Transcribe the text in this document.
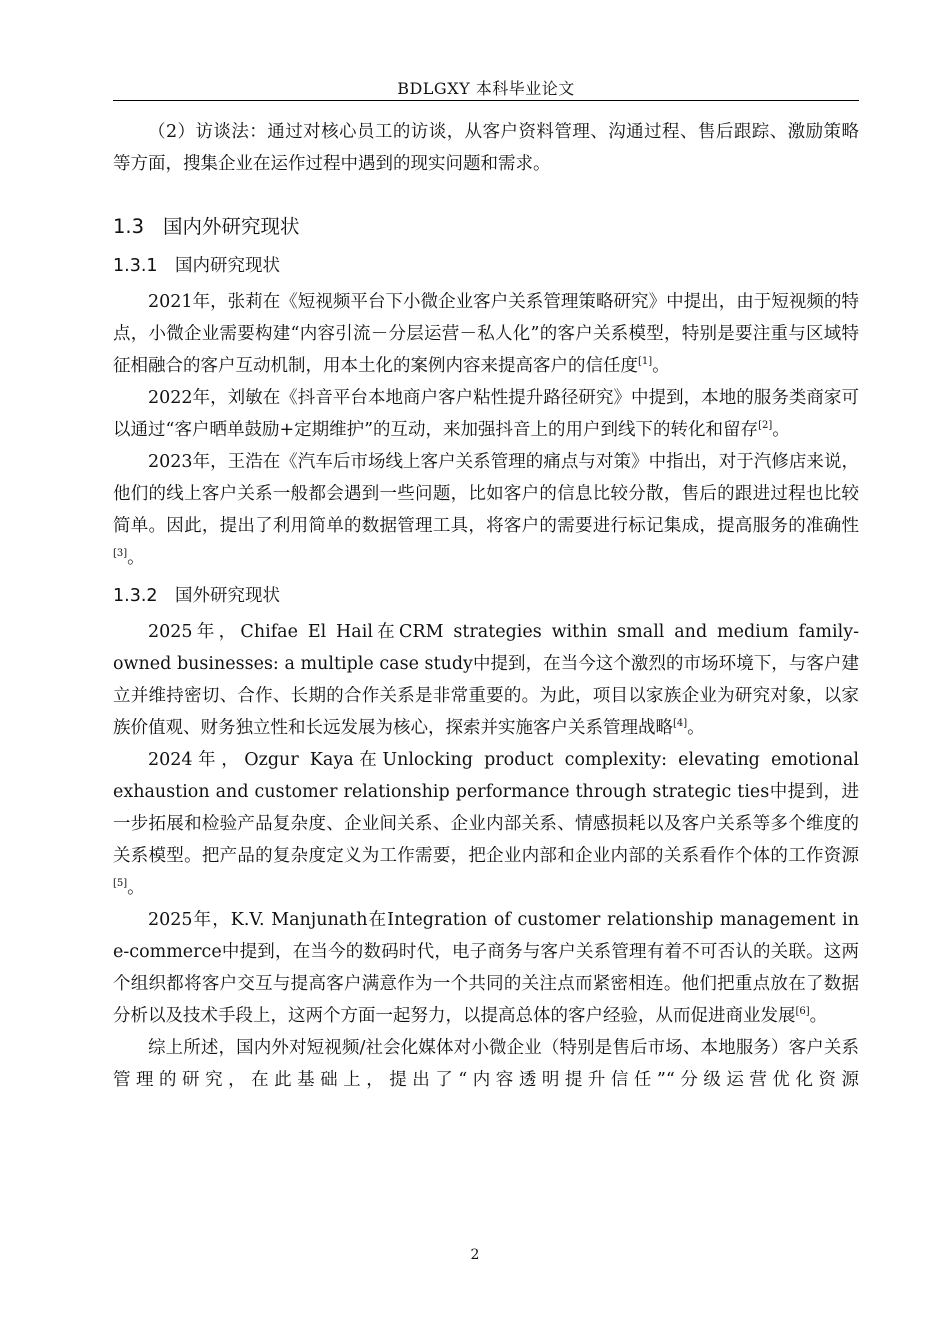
BDLGXY 本科毕业论文

（2）访谈法：通过对核心员工的访谈，从客户资料管理、沟通过程、售后跟踪、激励策略等方面，搜集企业在运作过程中遇到的现实问题和需求。

1.3 国内外研究现状
1.3.1 国内研究现状

2021年，张莉在《短视频平台下小微企业客户关系管理策略研究》中提出，由于短视频的特点，小微企业需要构建“内容引流－分层运营－私人化”的客户关系模型，特别是要注重与区域特征相融合的客户互动机制，用本土化的案例内容来提高客户的信任度[1]。

2022年，刘敏在《抖音平台本地商户客户粘性提升路径研究》中提到，本地的服务类商家可以通过“客户晒单鼓励+定期维护”的互动，来加强抖音上的用户到线下的转化和留存[2]。

2023年，王浩在《汽车后市场线上客户关系管理的痛点与对策》中指出，对于汽修店来说，他们的线上客户关系一般都会遇到一些问题，比如客户的信息比较分散，售后的跟进过程也比较简单。因此，提出了利用简单的数据管理工具，将客户的需要进行标记集成，提高服务的准确性[3]。

1.3.2 国外研究现状

2025年，Chifae El Hail在CRM strategies within small and medium family-owned businesses: a multiple case study中提到，在当今这个激烈的市场环境下，与客户建立并维持密切、合作、长期的合作关系是非常重要的。为此，项目以家族企业为研究对象，以家族价值观、财务独立性和长远发展为核心，探索并实施客户关系管理战略[4]。

2024年，Ozgur Kaya在Unlocking product complexity: elevating emotional exhaustion and customer relationship performance through strategic ties中提到，进一步拓展和检验产品复杂度、企业间关系、企业内部关系、情感损耗以及客户关系等多个维度的关系模型。把产品的复杂度定义为工作需要，把企业内部和企业内部的关系看作个体的工作资源[5]。

2025年，K.V. Manjunath在Integration of customer relationship management in e-commerce中提到，在当今的数码时代，电子商务与客户关系管理有着不可否认的关联。这两个组织都将客户交互与提高客户满意作为一个共同的关注点而紧密相连。他们把重点放在了数据分析以及技术手段上，这两个方面一起努力，以提高总体的客户经验，从而促进商业发展[6]。

综上所述，国内外对短视频/社会化媒体对小微企业（特别是售后市场、本地服务）客户关系管理的研究，在此基础上，提出了“内容透明提升信任”“分级运营优化资源

2
